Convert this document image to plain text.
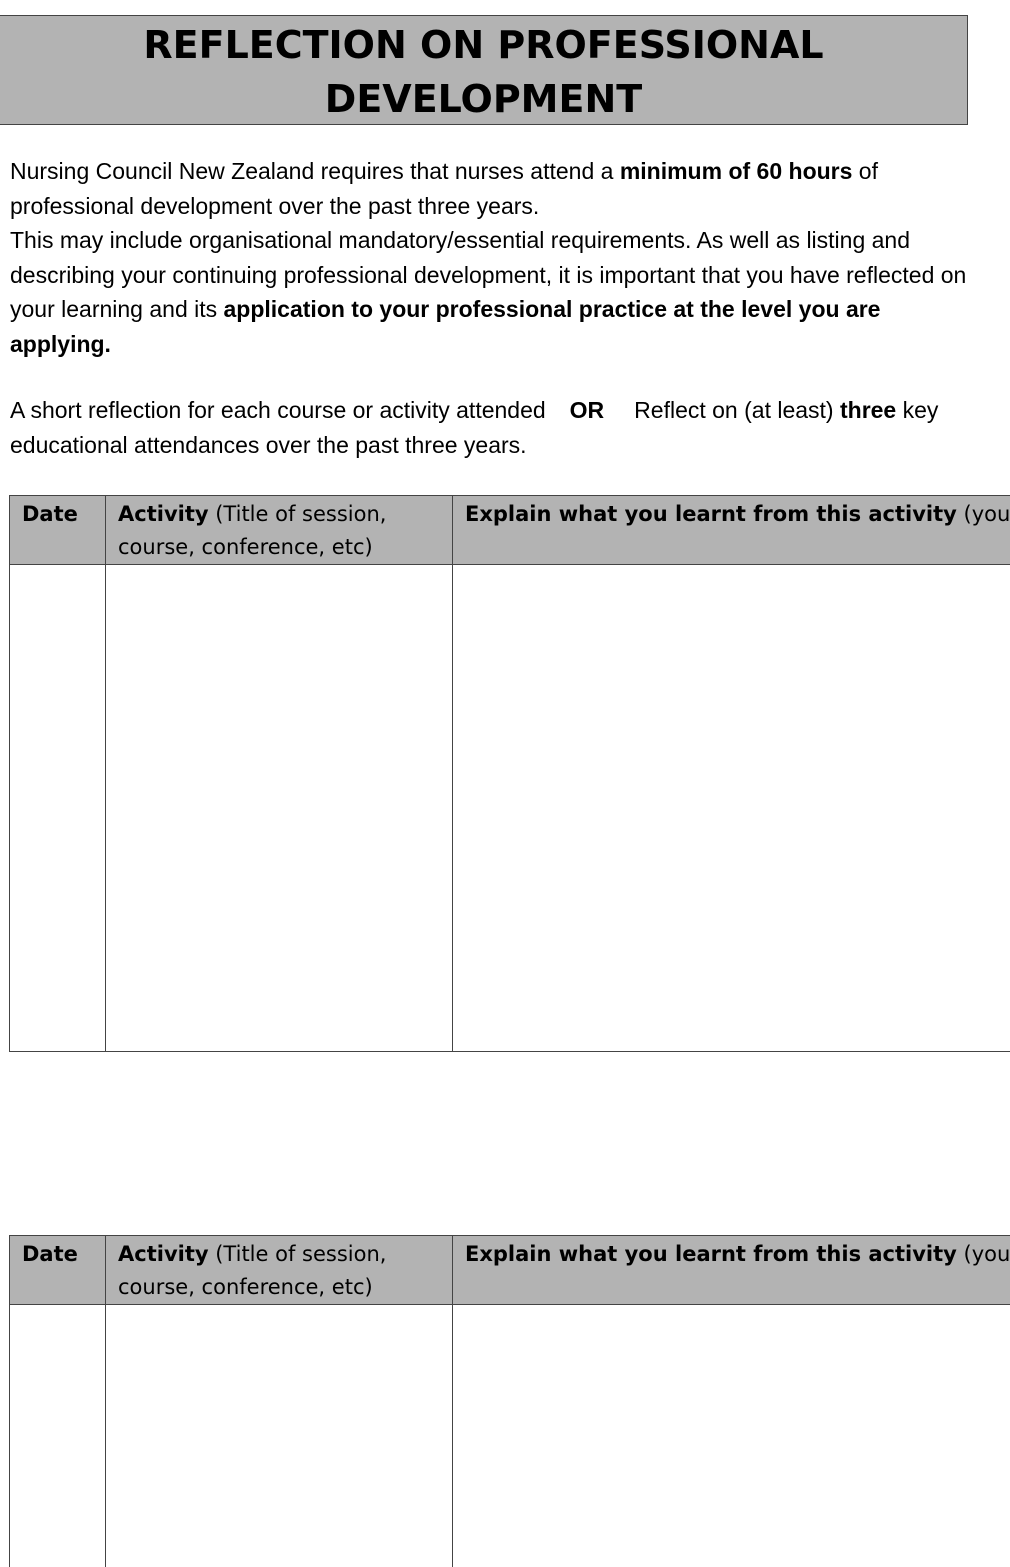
REFLECTION ON PROFESSIONAL
DEVELOPMENT

Nursing Council New Zealand requires that nurses attend a minimum of 60 hours of professional development over the past three years.

This may include organisational mandatory/essential requirements. As well as listing and describing your continuing professional development, it is important that you have reflected on your learning and its application to your professional practice at the level you are applying.

A short reflection for each course or activity attended OR Reflect on (at least) three key educational attendances over the past three years.

Date	Activity (Title of session, course, conference, etc)	Explain what you learnt from this activity (you

Date	Activity (Title of session, course, conference, etc)	Explain what you learnt from this activity (you
